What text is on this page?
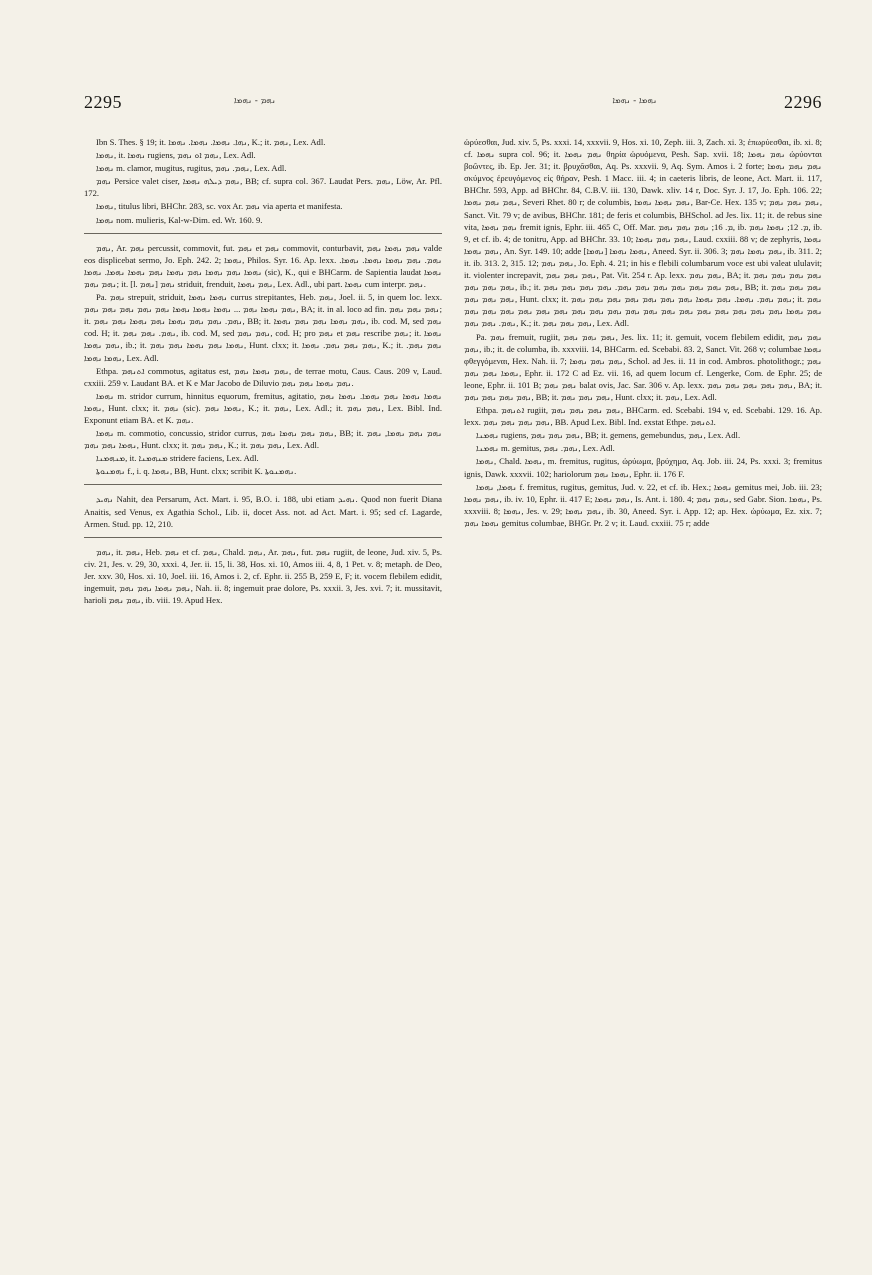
2295	ܢܗܡ - ܢܗܡܐ	ܢܗܡܐ - ܢܗܡܐ	2296

Ibn S. Thes. § 19; it. ܢܗܐ. ܢܗܡܐ. ܢܗܡܐ. ܢܗܡܐ, K.; it. ܢܗܡ, Lex. Adl.

ܢܗܡܐ, it. ܢܗܡܐ rugiens, ܢܗܡ ܐܘ ܢܗܡ, Lex. Adl.

ܢܗܡܐ m. clamor, mugitus, rugitus, ܢܗܡ. ܢܗܡ, Lex. Adl.

ܢܗܡ Persice valet ciser, ܢܗܡ ܕܝܠܗ ܢܗܡܐ, BB; cf. supra col. 367. Laudat Pers. ܢܗܡ, Löw, Ar. Pfl. 172.

ܢܗܡܐ, titulus libri, BHChr. 283, sc. vox Ar. ܢܗܡ via aperta et manifesta.

ܢܗܡܐ nom. mulieris, Kal-w-Dim. ed. Wr. 160. 9.

ܢܗܡ, Ar. ܢܗܡ percussit, commovit, fut. ܢܗܡ et ܢܗܡ commovit, conturbavit, ܢܗܡ ܢܗܡܐ ܢܗܡ valde eos displicebat sermo, Jo. Eph. 242. 2; ܢܗܡܐ, Philos. Syr. 16. Ap. lexx. ܢܗܡ. ܢܗܡ ܢܗܡܐ ܢܗܡܐ. ܢܗܡܐ. ܢܗܡܐ ܢܗܡ ܢܗܡܐ ܢܗܡ ܢܗܡܐ ܢܗܡ ܢܗܡܐ ܢܗܡܐ. ܢܗܡܐ (sic), K., qui e BHCarm. de Sapientia laudat ܢܗܡܐ ܢܗܡ ܢܗܡ; it. [l. ܢܗܡ] ܢܗܡ striduit, frenduit, ܢܗܡ ܢܗܡܐ, Lex. Adl., ubi part. ܢܗܡܐ cum interpr. ܢܗܡ.

Pa. ܢܗܡ strepuit, striduit, ܢܗܡܐ ܢܗܡܐ currus strepitantes, Heb. ܢܗܡ, Joel. ii. 5, in quem loc. lexx. ܢܗܡ ܢܗܡܐ ܢܗܡ ... ܢܗܡܐ ܢܗܡܐ ܢܗܡܐ ܢܗܡ ܢܗܡ ܢܗܡ ܢܗܡ ܢܗܡ, BA; it. in al. loco ad fin. ܢܗܡ ܢܗܡ ܢܗܡ; it. ܢܗܡ. ܢܗܡ ܢܗܡ ܢܗܡܐ ܢܗܡ ܢܗܡܐ ܢܗܡ ܢܗܡ, BB; it. ܢܗܡ ܢܗܡܐ ܢܗܡ ܢܗܡ ܢܗܡܐ, ib. cod. M, sed ܢܗܡ cod. H; it. ܢܗܡ. ܢܗܡ ܢܗܡ, ib. cod. M, sed ܢܗܡ ܢܗܡ, cod. H; pro ܢܗܡ et ܢܗܡ rescribe ܢܗܡ; it. ܢܗܡܐ ܢܗܡ ܢܗܡܐ, ib.; it. ܢܗܡܐ ܢܗܡ ܢܗܡܐ ܢܗܡ ܢܗܡ, Hunt. clxx; it. ܢܗܡ ܢܗܡ ܢܗܡ. ܢܗܡܐ, K.; it. ܢܗܡ ܢܗܡ. ܢܗܡܐ ܢܗܡܐ, Lex. Adl.

Ethpa. ܐܬܢܗܡ commotus, agitatus est, ܢܗܡ ܢܗܡܐ ܢܗܡ, de terrae motu, Caus. Caus. 209 v, Laud. cxxiii. 259 v. Laudant BA. et K e Mar Jacobo de Diluvio ܢܗܡ ܢܗܡܐ ܢܗܡ ܢܗܡ.

ܢܗܡܐ m. stridor currum, hinnitus equorum, fremitus, agitatio, ܢܗܡܐ ܢܗܡܐ ܢܗܡ ܢܗܡܐ. ܢܗܡܐ ܢܗܡ ܢܗܡܐ, Hunt. clxx; it. ܢܗܡ (sic). ܢܗܡܐ ܢܗܡ, K.; it. ܢܗܡ, Lex. Adl.; it. ܢܗܡ ܢܗܡ, Lex. Bibl. Ind. Exponunt etiam BA. et K. ܢܗܡ.

ܢܗܡܐ m. commotio, concussio, stridor currus, ܢܗܡ ܢܗܡ ܢܗܡܐ ܢܗܡ, BB; it. ܢܗܡ ܢܗܡ ܢܗܡܐ, ܢܗܡ ܢܗܡܐ ܢܗܡ ܢܗܡ, Hunt. clxx; it. ܢܗܡ ܢܗܡ, K.; it. ܢܗܡ ܢܗܡ, Lex. Adl.

ܡܢܗܡܢܐ, it. ܡܢܗܡܢܐ stridere faciens, Lex. Adl.

ܢܗܡܢܘܬܐ f., i. q. ܢܗܡܐ, BB, Hunt. clxx; scribit K. ܢܗܡܢܘܬܐ.

ܢܗܝܕ Nahit, dea Persarum, Act. Mart. i. 95, B.O. i. 188, ubi etiam ܢܗܝܕ. Quod non fuerit Diana Anaitis, sed Venus, ex Agathia Schol., Lib. ii, docet Ass. not. ad Act. Mart. i. 95; sed cf. Lagarde, Armen. Stud. pp. 12, 210.

ܢܗܡ, it. ܢܗܡ, Heb. ܢܗܡ et cf. ܢܗܡ, Chald. ܢܗܡ, Ar. ܢܗܡ, fut. ܢܗܡ rugiit, de leone, Jud. xiv. 5, Ps. civ. 21, Jes. v. 29, 30, xxxi. 4, Jer. ii. 15, li. 38, Hos. xi. 10, Amos iii. 4, 8, 1 Pet. v. 8; metaph. de Deo, Jer. xxv. 30, Hos. xi. 10, Joel. iii. 16, Amos i. 2, cf. Ephr. ii. 255 B, 259 E, F; it. vocem flebilem edidit, ingemuit, ܢܗܡ ܢܗܡܐ ܢܗܡ ܢܗܡ, Nah. ii. 8; ingemuit prae dolore, Ps. xxxii. 3, Jes. xvi. 7; it. mussitavit, harioli ܢܗܡ ܢܗܡ, ib. viii. 19. Apud Hex.

ὠρύεσθαι, Jud. xiv. 5, Ps. xxxi. 14, xxxvii. 9, Hos. xi. 10, Zeph. iii. 3, Zach. xi. 3; ἐπωρύεσθαι, ib. xi. 8; cf. ܢܗܡܐ supra col. 96; it. ܢܗܡ ܢܗܡܐ θηρία ὠρυόμενα, Pesh. Sap. xvii. 18; ܢܗܡ ܢܗܡܐ ὠρύονται βοῶντες, ib. Ep. Jer. 31; it. βρυχᾶσθαι, Aq. Ps. xxxvii. 9, Aq. Sym. Amos i. 2 forte; ܢܗܡ ܢܗܡ ܢܗܡܐ σκύμνος ἐρευγόμενος εἰς θήραν, Pesh. 1 Macc. iii. 4; in caeteris libris, de leone, Act. Mart. ii. 117, BHChr. 593, App. ad BHChr. 84, C.B.V. iii. 130, Dawk. xliv. 14 r, Doc. Syr. J. 17, Jo. Eph. 106. 22; ܢܗܡ ܢܗܡ ܢܗܡܐ, Severi Rhet. 80 r; de columbis, ܢܗܡ ܢܗܡܐ ܢܗܡܐ, Bar-Ce. Hex. 135 v; ܢܗܡ ܢܗܡ ܢܗܡ, Sanct. Vit. 79 v; de avibus, BHChr. 181; de feris et columbis, BHSchol. ad Jes. lix. 11; it. de rebus sine vita, ܢܗܡ ܢܗܡܐ fremit ignis, Ephr. iii. 465 C, Off. Mar. ܡ. 16; ܢܗܡ ܢܗܡ ܢܗܡ, ib. ܡ. 12; ܢܗܡܐ ܢܗܡ, ib. 9, et cf. ib. 4; de tonitru, App. ad BHChr. 33. 10; ܢܗܡ ܢܗܡ ܢܗܡܐ, Laud. cxxiii. 88 v; de zephyris, ܢܗܡܐ ܢܗܡ ܢܗܡܐ, An. Syr. 149. 10; adde ܢܗܡܐ ܢܗܡܐ [ܢܗܡܐ], Aneed. Syr. ii. 306. 3; ܢܗܡ ܢܗܡܐ ܢܗܡ, ib. 311. 2; it. ib. 313. 2, 315. 12; ܢܗܡ ܢܗܡ, Jo. Eph. 4. 21; in his e flebili columbarum voce est ubi valeat ululavit; it. violenter increpavit, ܢܗܡ ܢܗܡ ܢܗܡ, Pat. Vit. 254 r. Ap. lexx. ܢܗܡ ܢܗܡ, BA; it. ܢܗܡ ܢܗܡ ܢܗܡ ܢܗܡ ܢܗܡ ܢܗܡ ܢܗܡ, ib.; it. ܢܗܡ ܢܗܡ ܢܗܡ ܢܗܡ ܢܗܡ ܢܗܡ ܢܗܡ. ܢܗܡ ܢܗܡ ܢܗܡ ܢܗܡ, BB; it. ܢܗܡ ܢܗܡ ܢܗܡ ܢܗܡ ܢܗܡ ܢܗܡ, Hunt. clxx; it. ܢܗܡ ܢܗܡ. ܢܗܡܐ. ܢܗܡ ܢܗܡܐ ܢܗܡ ܢܗܡ ܢܗܡ ܢܗܡ ܢܗܡ ܢܗܡ ܢܗܡ; it. ܢܗܡ ܢܗܡ ܢܗܡܐ ܢܗܡ ܢܗܡ ܢܗܡ ܢܗܡ ܢܗܡ ܢܗܡ ܢܗܡ ܢܗܡ ܢܗܡ ܢܗܡ ܢܗܡ ܢܗܡ ܢܗܡ ܢܗܡ ܢܗܡ ܢܗܡ ܢܗܡ ܢܗܡ ܢܗܡ. ܢܗܡ ܢܗܡ, K.; it. ܢܗܡ ܢܗܡ ܢܗܡ, Lex. Adl.

Pa. ܢܗܡ fremuit, rugiit, ܢܗܡ ܢܗܡ ܢܗܡ, Jes. lix. 11; it. gemuit, vocem flebilem edidit, ܢܗܡ ܢܗܡ ܢܗܡ, ib.; it. de columba, ib. xxxviii. 14, BHCarm. ed. Scebabi. 83. 2, Sanct. Vit. 268 v; columbae ܢܗܡܐ φθεγγόμεναι, Hex. Nah. ii. 7; ܢܗܡ ܢܗܡ ܢܗܡܐ, Schol. ad Jes. ii. 11 in cod. Ambros. photolithogr.; ܢܗܡ ܢܗܡܐ ܢܗܡ ܢܗܡ, Ephr. ii. 172 C ad Ez. vii. 16, ad quem locum cf. Lengerke, Com. de Ephr. 25; de leone, Ephr. ii. 101 B; ܢܗܡ ܢܗܡ balat ovis, Jac. Sar. 306 v. Ap. lexx. ܢܗܡ ܢܗܡ ܢܗܡ ܢܗܡ ܢܗܡ, BA; it. ܢܗܡ ܢܗܡ ܢܗܡ ܢܗܡ, BB; it. ܢܗܡ ܢܗܡ ܢܗܡ, Hunt. clxx; it. ܢܗܡ, Lex. Adl.

Ethpa. ܐܬܢܗܡ rugiit, ܢܗܡ ܢܗܡ ܢܗܡ ܢܗܡ, BHCarm. ed. Scebabi. 194 v, ed. Scebabi. 129. 16. Ap. lexx. ܢܗܡ ܢܗܡ ܢܗܡ ܢܗܡ, BB. Apud Lex. Bibl. Ind. exstat Ethpe. ܐܬܢܗܡ.

ܢܗܡܢܐ rugiens, ܢܗܡ ܢܗܡ ܢܗܡ, BB; it. gemens, gemebundus, ܢܗܡ, Lex. Adl.

ܢܗܡܢܐ m. gemitus, ܢܗܡ. ܢܗܡ, Lex. Adl.

ܢܗܡܐ, Chald. ܢܗܡܐ, m. fremitus, rugitus, ὠρύωμα, βρύχημα, Aq. Job. iii. 24, Ps. xxxi. 3; fremitus ignis, Dawk. xxxvii. 102; hariolorum ܢܗܡܐ ܢܗܡ, Ephr. ii. 176 F.

ܢܗܡܐ, ܢܗܡܐ f. fremitus, rugitus, gemitus, Jud. v. 22, et cf. ib. Hex.; ܢܗܡܐ gemitus mei, Job. iii. 23; ܢܗܡ ܢܗܡܐ, ib. iv. 10, Ephr. ii. 417 E; ܢܗܡ ܢܗܡܐ, Is. Ant. i. 180. 4; ܢܗܡ ܢܗܡ, sed Gabr. Sion. ܢܗܡܐ, Ps. xxxviii. 8; ܢܗܡܐ, Jes. v. 29; ܢܗܡ ܢܗܡܐ, ib. 30, Aneed. Syr. i. App. 12; ap. Hex. ὠρύωμα, Ez. xix. 7; ܢܗܡܐ ܢܗܡ gemitus columbae, BHGr. Pr. 2 v; it. Laud. cxxiii. 75 r; adde
